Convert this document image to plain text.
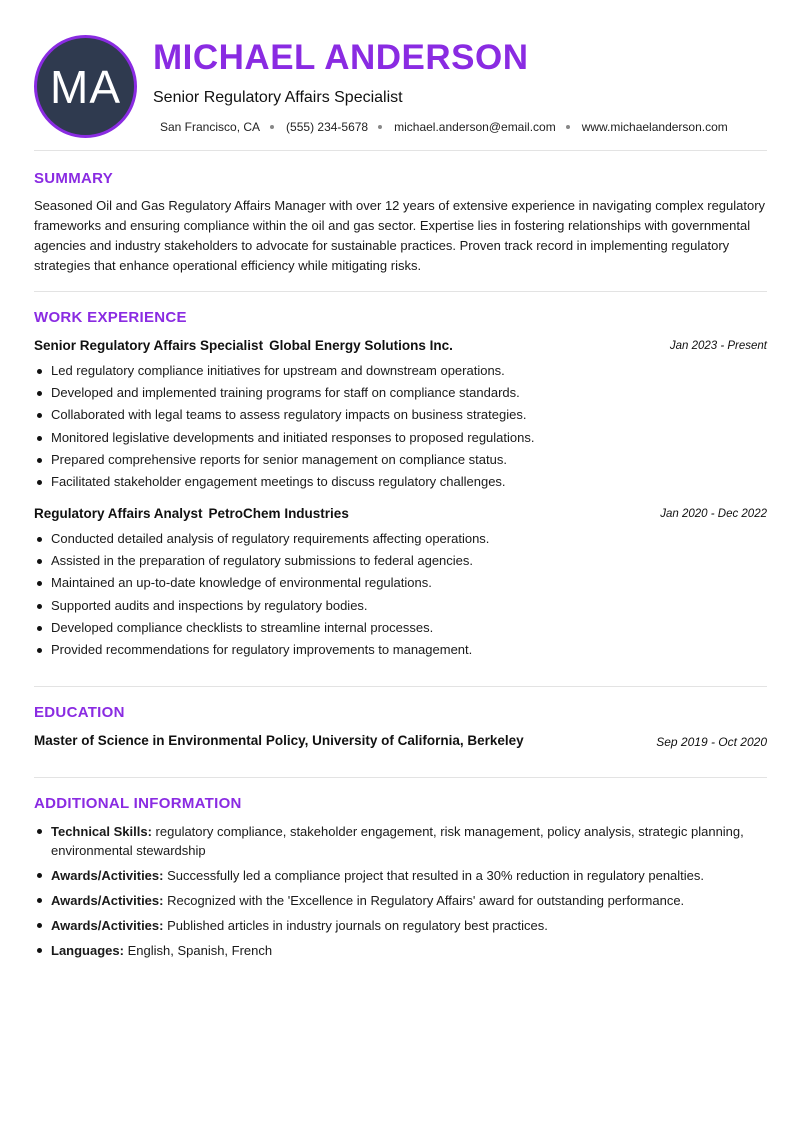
MA
MICHAEL ANDERSON
Senior Regulatory Affairs Specialist
San Francisco, CA (555) 234-5678 michael.anderson@email.com www.michaelanderson.com
SUMMARY
Seasoned Oil and Gas Regulatory Affairs Manager with over 12 years of extensive experience in navigating complex regulatory frameworks and ensuring compliance within the oil and gas sector. Expertise lies in fostering relationships with governmental agencies and industry stakeholders to advocate for sustainable practices. Proven track record in implementing regulatory strategies that enhance operational efficiency while mitigating risks.
WORK EXPERIENCE
Senior Regulatory Affairs Specialist Global Energy Solutions Inc.	Jan 2023 - Present
Led regulatory compliance initiatives for upstream and downstream operations.
Developed and implemented training programs for staff on compliance standards.
Collaborated with legal teams to assess regulatory impacts on business strategies.
Monitored legislative developments and initiated responses to proposed regulations.
Prepared comprehensive reports for senior management on compliance status.
Facilitated stakeholder engagement meetings to discuss regulatory challenges.
Regulatory Affairs Analyst PetroChem Industries	Jan 2020 - Dec 2022
Conducted detailed analysis of regulatory requirements affecting operations.
Assisted in the preparation of regulatory submissions to federal agencies.
Maintained an up-to-date knowledge of environmental regulations.
Supported audits and inspections by regulatory bodies.
Developed compliance checklists to streamline internal processes.
Provided recommendations for regulatory improvements to management.
EDUCATION
Master of Science in Environmental Policy, University of California, Berkeley	Sep 2019 - Oct 2020
ADDITIONAL INFORMATION
Technical Skills: regulatory compliance, stakeholder engagement, risk management, policy analysis, strategic planning, environmental stewardship
Awards/Activities: Successfully led a compliance project that resulted in a 30% reduction in regulatory penalties.
Awards/Activities: Recognized with the 'Excellence in Regulatory Affairs' award for outstanding performance.
Awards/Activities: Published articles in industry journals on regulatory best practices.
Languages: English, Spanish, French
